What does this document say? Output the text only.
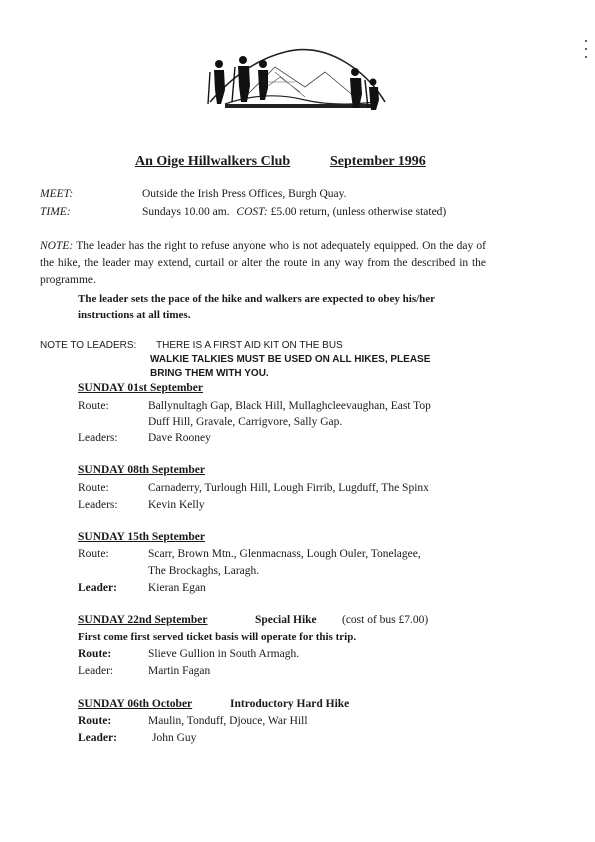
An Oige Hillwalkers Club	September 1996
MEET:	Outside the Irish Press Offices, Burgh Quay.
TIME:	Sundays 10.00 am. COST: £5.00 return, (unless otherwise stated)
NOTE: The leader has the right to refuse anyone who is not adequately equipped. On the day of the hike, the leader may extend, curtail or alter the route in any way from the described in the programme.
The leader sets the pace of the hike and walkers are expected to obey his/her
instructions at all times.
NOTE TO LEADERS: THERE IS A FIRST AID KIT ON THE BUS
WALKIE TALKIES MUST BE USED ON ALL HIKES, PLEASE
BRING THEM WITH YOU.
SUNDAY 01st September
Route:	Ballynultagh Gap, Black Hill, Mullaghcleevaughan, East Top
Duff Hill, Gravale, Carrigvore, Sally Gap.
Leaders:	Dave Rooney
SUNDAY 08th September
Route:	Carnaderry, Turlough Hill, Lough Firrib, Lugduff, The Spinx
Leaders:	Kevin Kelly
SUNDAY 15th September
Route:	Scarr, Brown Mtn., Glenmacnass, Lough Ouler, Tonelagee,
The Brockaghs, Laragh.
Leader:	Kieran Egan
SUNDAY 22nd September	Special Hike (cost of bus £7.00)
First come first served ticket basis will operate for this trip.
Route:	Slieve Gullion in South Armagh.
Leader:	Martin Fagan
SUNDAY 06th October	Introductory Hard Hike
Route:	Maulin, Tonduff, Djouce, War Hill
Leader:	John Guy
